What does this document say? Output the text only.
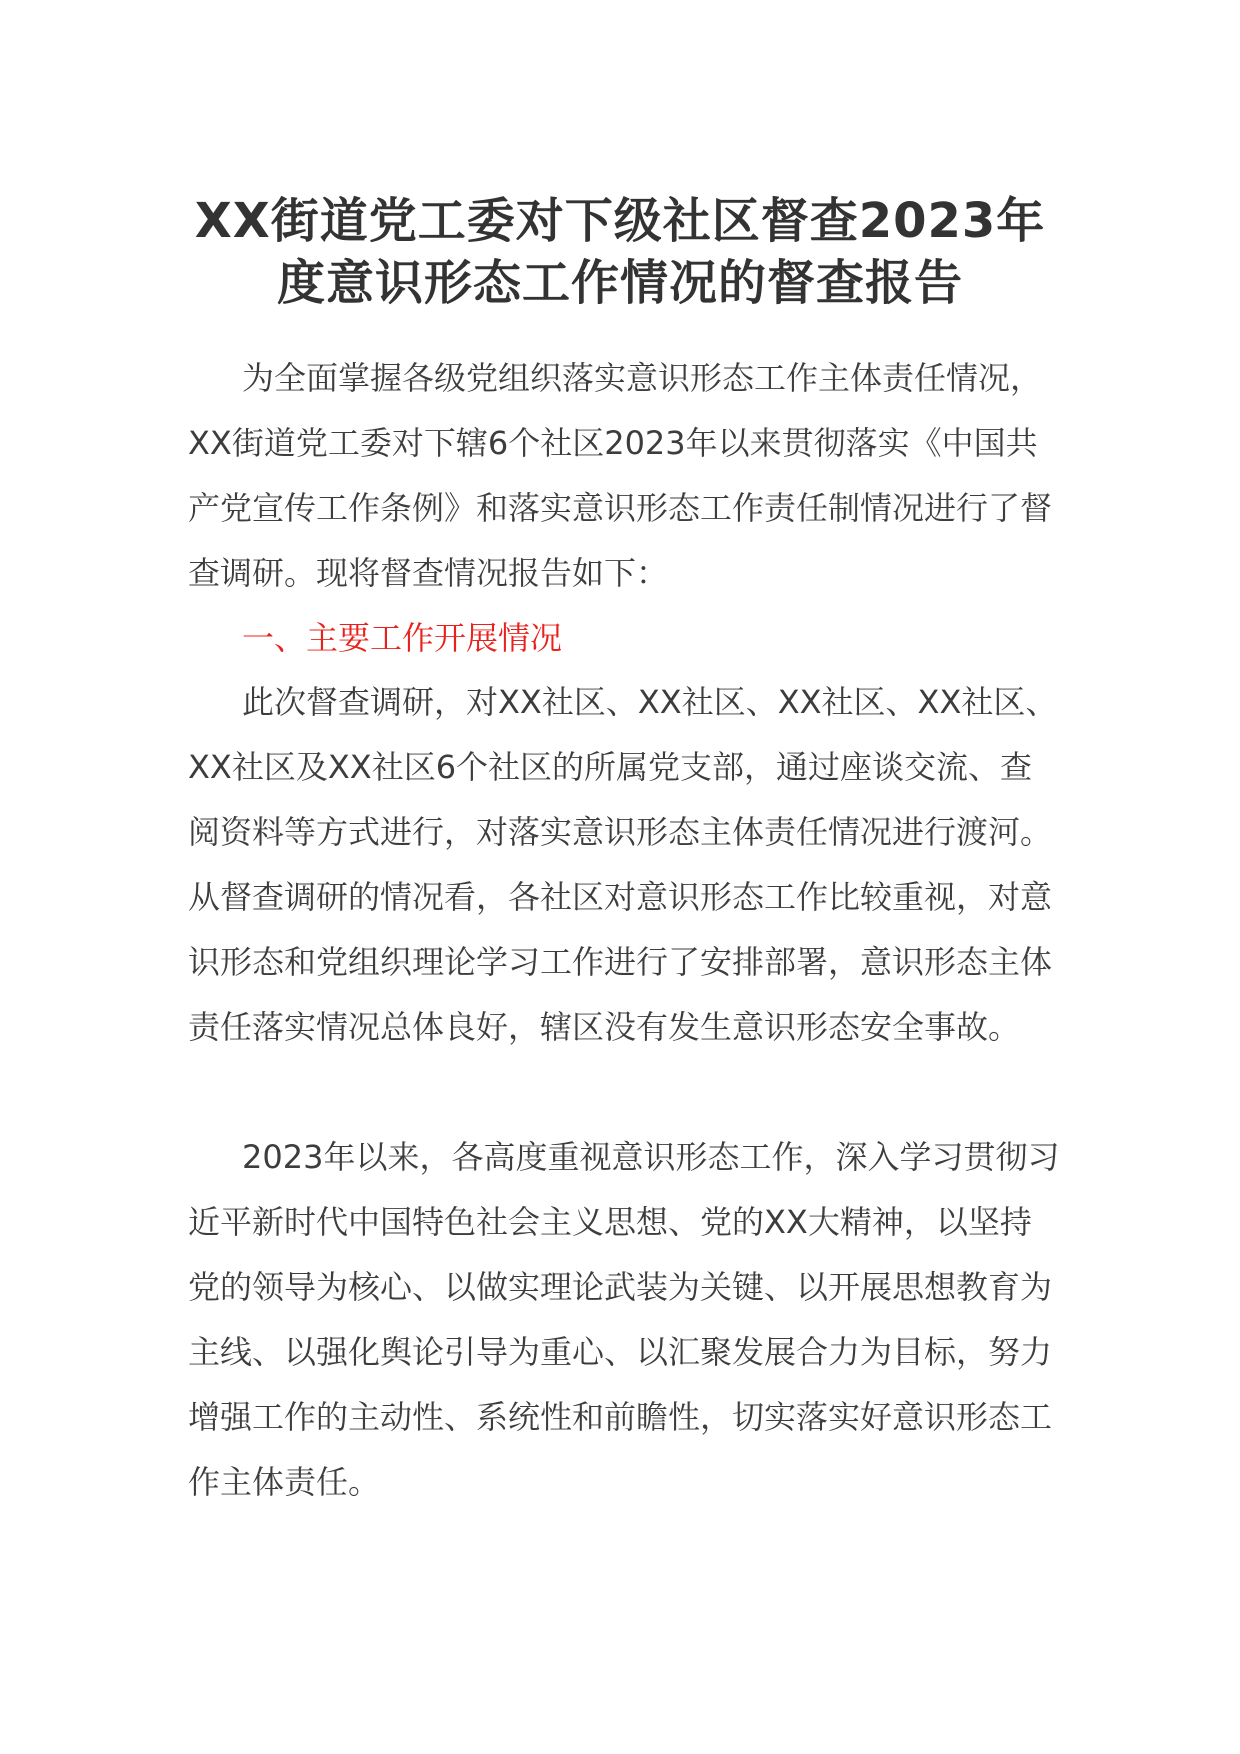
XX街道党工委对下级社区督查2023年度意识形态工作情况的督查报告
为全面掌握各级党组织落实意识形态工作主体责任情况，XX街道党工委对下辖6个社区2023年以来贯彻落实《中国共产党宣传工作条例》和落实意识形态工作责任制情况进行了督查调研。现将督查情况报告如下：
一、主要工作开展情况
此次督查调研，对XX社区、XX社区、XX社区、XX社区、XX社区及XX社区6个社区的所属党支部，通过座谈交流、查阅资料等方式进行，对落实意识形态主体责任情况进行渡河。从督查调研的情况看，各社区对意识形态工作比较重视，对意识形态和党组织理论学习工作进行了安排部署，意识形态主体责任落实情况总体良好，辖区没有发生意识形态安全事故。
2023年以来，各高度重视意识形态工作，深入学习贯彻习近平新时代中国特色社会主义思想、党的XX大精神，以坚持党的领导为核心、以做实理论武装为关键、以开展思想教育为主线、以强化舆论引导为重心、以汇聚发展合力为目标，努力增强工作的主动性、系统性和前瞻性，切实落实好意识形态工作主体责任。
